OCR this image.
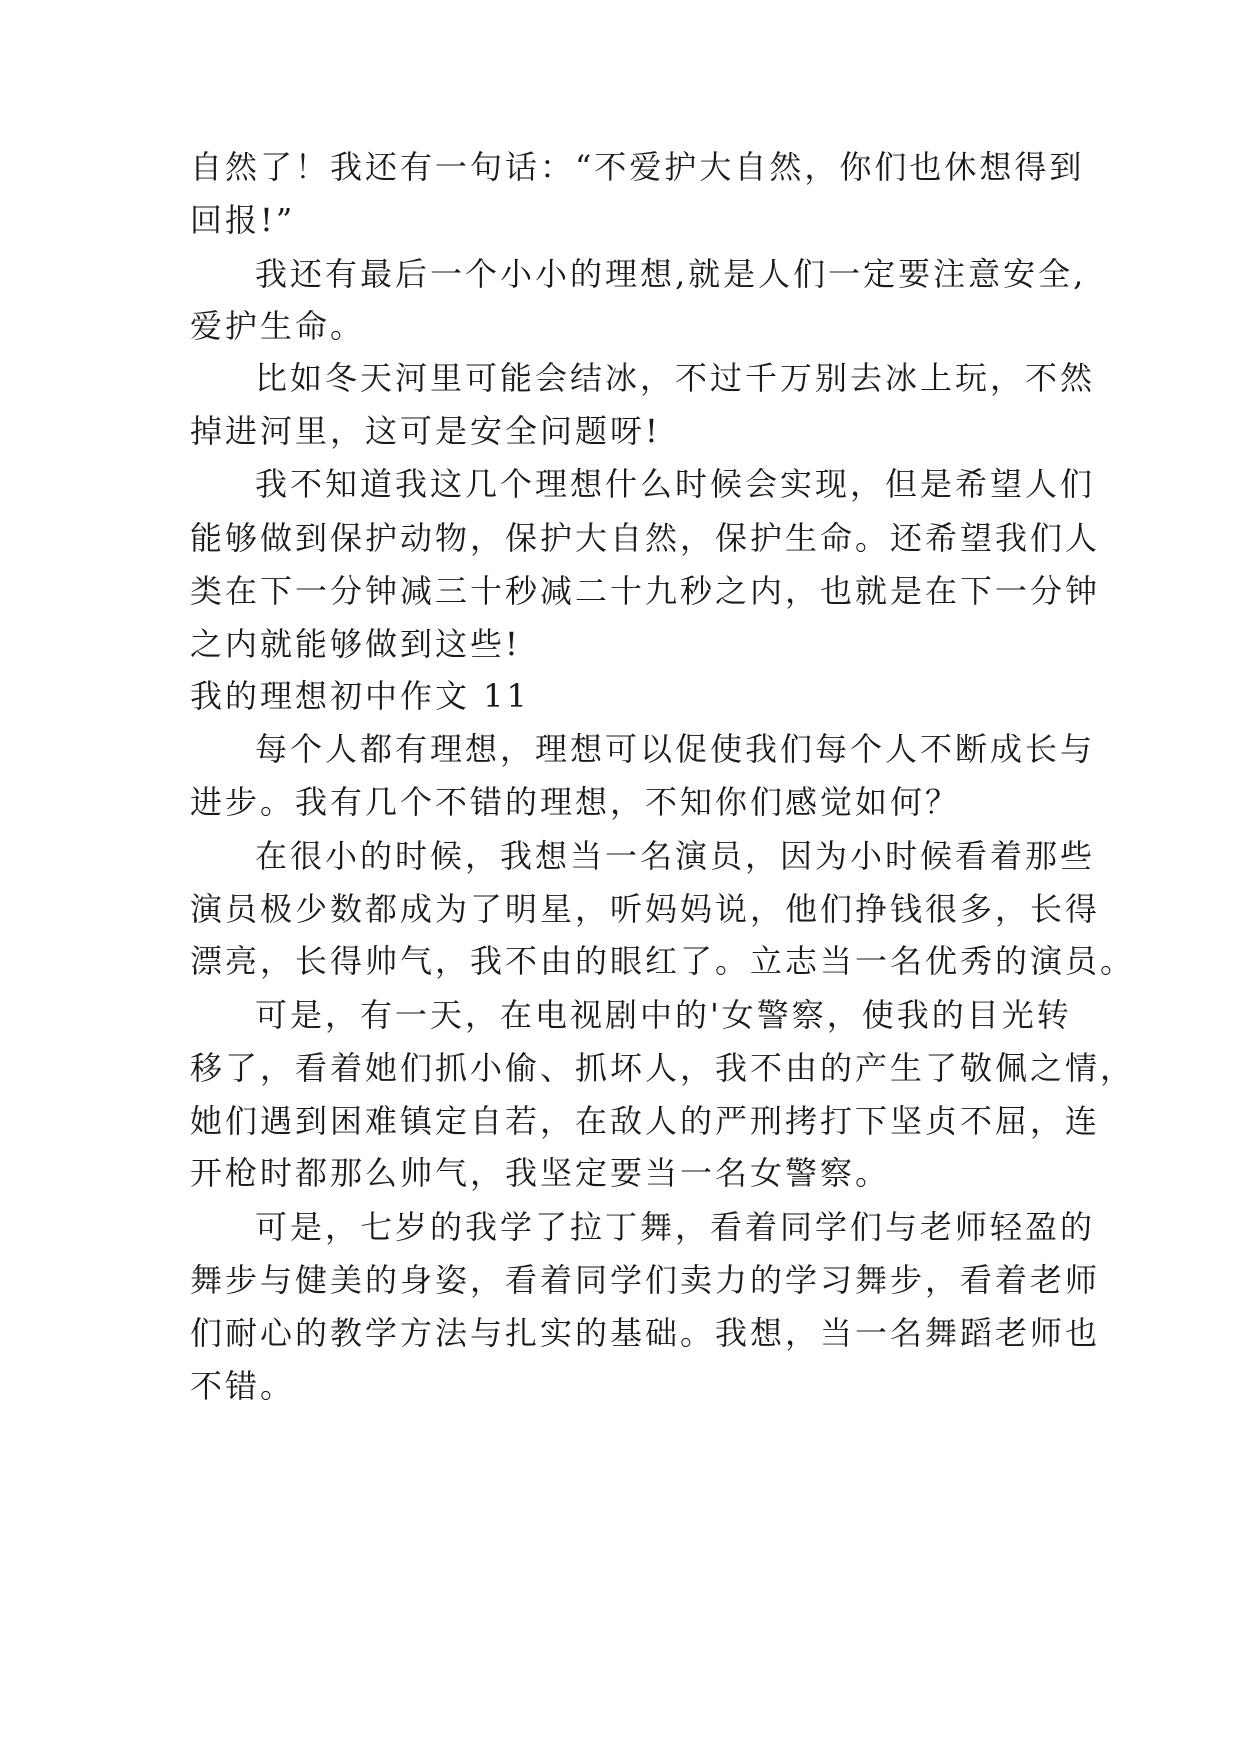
自然了！我还有一句话：“不爱护大自然，你们也休想得到
回报!”
我还有最后一个小小的理想,就是人们一定要注意安全,
爱护生命。
比如冬天河里可能会结冰，不过千万别去冰上玩，不然
掉进河里，这可是安全问题呀!
我不知道我这几个理想什么时候会实现，但是希望人们
能够做到保护动物，保护大自然，保护生命。还希望我们人
类在下一分钟减三十秒减二十九秒之内，也就是在下一分钟
之内就能够做到这些!
我的理想初中作文 11
每个人都有理想，理想可以促使我们每个人不断成长与
进步。我有几个不错的理想，不知你们感觉如何？
在很小的时候，我想当一名演员，因为小时候看着那些
演员极少数都成为了明星，听妈妈说，他们挣钱很多，长得
漂亮，长得帅气，我不由的眼红了。立志当一名优秀的演员。
可是，有一天，在电视剧中的'女警察，使我的目光转
移了，看着她们抓小偷、抓坏人，我不由的产生了敬佩之情，
她们遇到困难镇定自若，在敌人的严刑拷打下坚贞不屈，连
开枪时都那么帅气，我坚定要当一名女警察。
可是，七岁的我学了拉丁舞，看着同学们与老师轻盈的
舞步与健美的身姿，看着同学们卖力的学习舞步，看着老师
们耐心的教学方法与扎实的基础。我想，当一名舞蹈老师也
不错。
